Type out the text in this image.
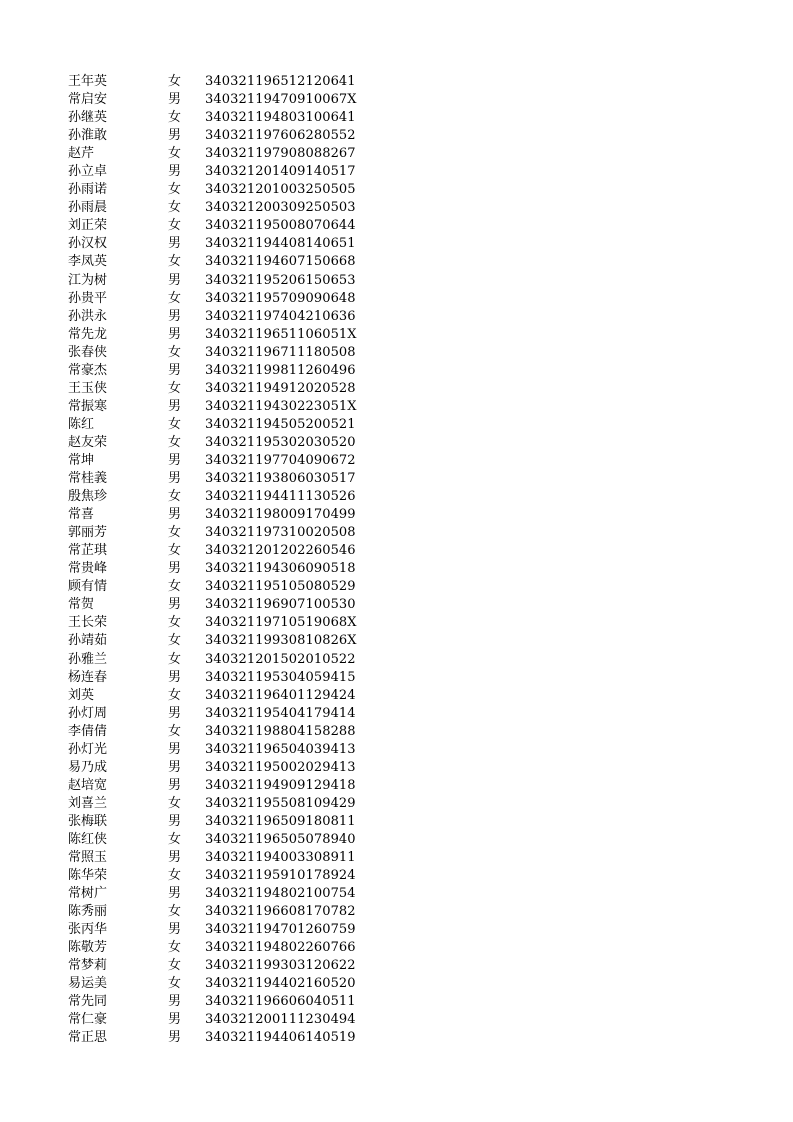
王年英	女 340321196512120641
常启安	男 34032119470910067X
孙继英	女 340321194803100641
孙淮敢	男 340321197606280552
赵芹	女 340321197908088267
孙立卓	男 340321201409140517
孙雨诺	女 340321201003250505
孙雨晨	女 340321200309250503
刘正荣	女 340321195008070644
孙汉权	男 340321194408140651
李凤英	女 340321194607150668
江为树	男 340321195206150653
孙贵平	女 340321195709090648
孙洪永	男 340321197404210636
常先龙	男 34032119651106051X
张春侠	女 340321196711180508
常豪杰	男 340321199811260496
王玉侠	女 340321194912020528
常振寒	男 34032119430223051X
陈红	女 340321194505200521
赵友荣	女 340321195302030520
常坤	男 340321197704090672
常桂義	男 340321193806030517
殷焦珍	女 340321194411130526
常喜	男 340321198009170499
郭丽芳	女 340321197310020508
常芷琪	女 340321201202260546
常贵峰	男 340321194306090518
顾有情	女 340321195105080529
常贺	男 340321196907100530
王长荣	女 34032119710519068X
孙靖茹	女 34032119930810826X
孙雅兰	女 340321201502010522
杨连春	男 340321195304059415
刘英	女 340321196401129424
孙灯周	男 340321195404179414
李倩倩	女 340321198804158288
孙灯光	男 340321196504039413
易乃成	男 340321195002029413
赵培宽	男 340321194909129418
刘喜兰	女 340321195508109429
张梅联	男 340321196509180811
陈红侠	女 340321196505078940
常照玉	男 340321194003308911
陈华荣	女 340321195910178924
常树广	男 340321194802100754
陈秀丽	女 340321196608170782
张丙华	男 340321194701260759
陈敬芳	女 340321194802260766
常梦莉	女 340321199303120622
易运美	女 340321194402160520
常先同	男 340321196606040511
常仁豪	男 340321200111230494
常正思	男 340321194406140519
